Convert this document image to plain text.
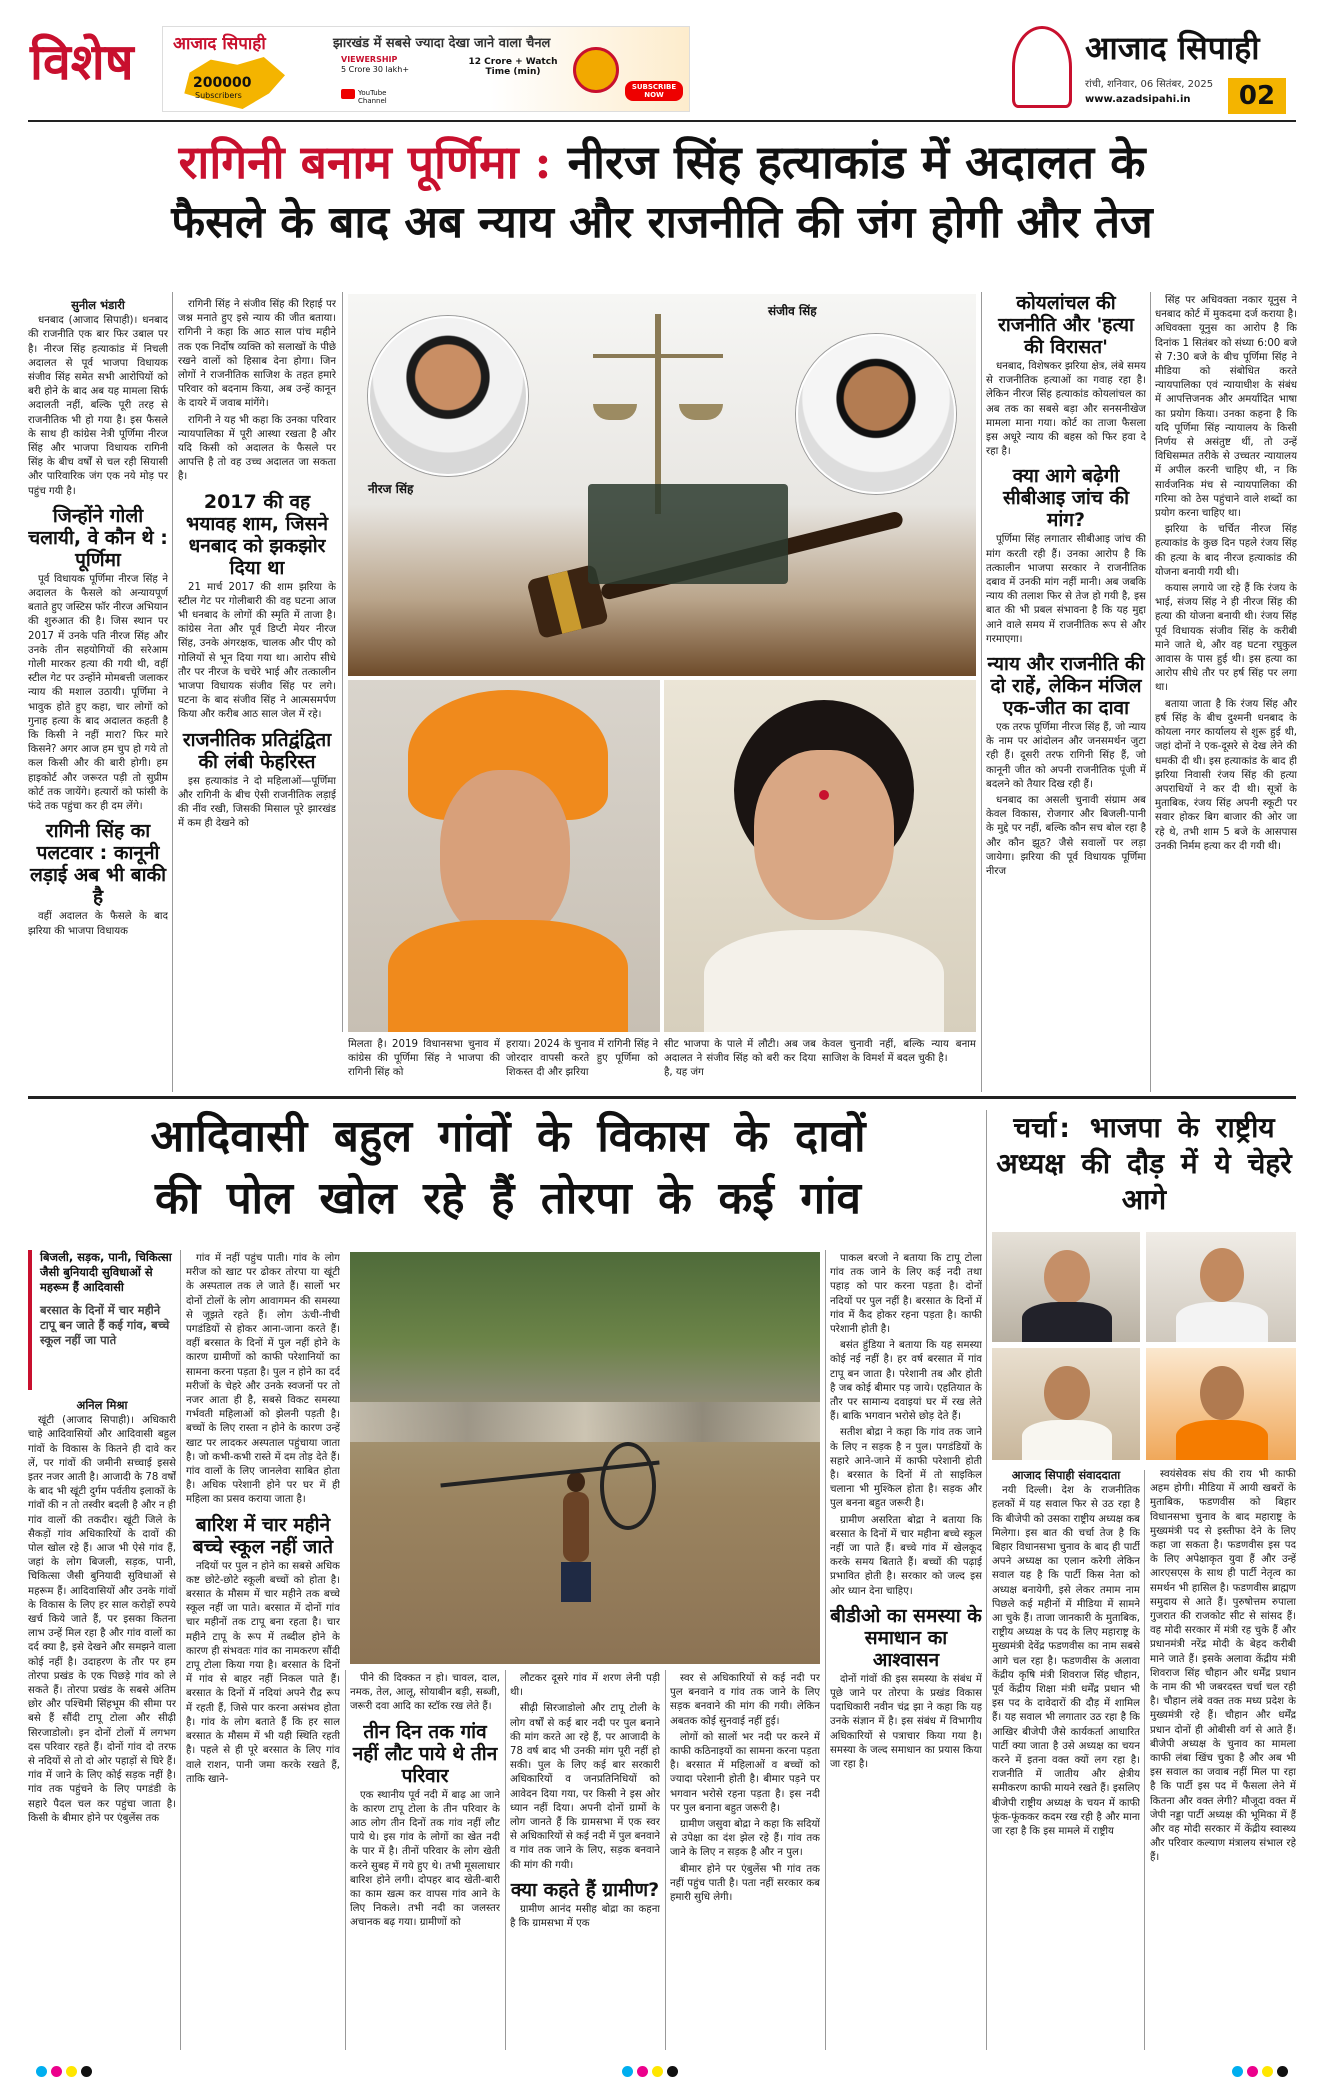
विशेष आजाद सिपाही	झारखंड में सबसे ज्यादा देखा जाने वाला चैनल
200000
Subscribers
VIEWERSHIP
5 Crore 30 lakh+
12 Crore + Watch Time (min)
YouTube Channel
SUBSCRIBE NOW
आजाद सिपाही
रांची, शनिवार, 06 सितंबर, 2025
www.azadsipahi.in	02
रागिनी बनाम पूर्णिमा : नीरज सिंह हत्याकांड में अदालत के
फैसले के बाद अब न्याय और राजनीति की जंग होगी और तेज

सुनील भंडारी

धनबाद (आजाद सिपाही)। धनबाद की राजनीति एक बार फिर उबाल पर है। नीरज सिंह हत्याकांड में निचली अदालत से पूर्व भाजपा विधायक संजीव सिंह समेत सभी आरोपियों को बरी होने के बाद अब यह मामला सिर्फ अदालती नहीं, बल्कि पूरी तरह से राजनीतिक भी हो गया है। इस फैसले के साथ ही कांग्रेस नेत्री पूर्णिमा नीरज सिंह और भाजपा विधायक रागिनी सिंह के बीच वर्षों से चल रही सियासी और पारिवारिक जंग एक नये मोड़ पर पहुंच गयी है।

जिन्होंने गोली चलायी, वे कौन थे : पूर्णिमा

पूर्व विधायक पूर्णिमा नीरज सिंह ने अदालत के फैसले को अन्यायपूर्ण बताते हुए जस्टिस फॉर नीरज अभियान की शुरुआत की है। जिस स्थान पर 2017 में उनके पति नीरज सिंह और उनके तीन सहयोगियों की सरेआम गोली मारकर हत्या की गयी थी, वहीं स्टील गेट पर उन्होंने मोमबत्ती जलाकर न्याय की मशाल उठायी। पूर्णिमा ने भावुक होते हुए कहा, चार लोगों को गुनाह हत्या के बाद अदालत कहती है कि किसी ने नहीं मारा? फिर मारे किसने? अगर आज हम चुप हो गये तो कल किसी और की बारी होगी। हम हाइकोर्ट और जरूरत पड़ी तो सुप्रीम कोर्ट तक जायेंगे। हत्यारों को फांसी के फंदे तक पहुंचा कर ही दम लेंगे।

रागिनी सिंह का पलटवार : कानूनी लड़ाई अब भी बाकी है

वहीं अदालत के फैसले के बाद झरिया की भाजपा विधायक

रागिनी सिंह ने संजीव सिंह की रिहाई पर जश्न मनाते हुए इसे न्याय की जीत बताया। रागिनी ने कहा कि आठ साल पांच महीने तक एक निर्दोष व्यक्ति को सलाखों के पीछे रखने वालों को हिसाब देना होगा। जिन लोगों ने राजनीतिक साजिश के तहत हमारे परिवार को बदनाम किया, अब उन्हें कानून के दायरे में जवाब मांगेंगे।

रागिनी ने यह भी कहा कि उनका परिवार न्यायपालिका में पूरी आस्था रखता है और यदि किसी को अदालत के फैसले पर आपत्ति है तो वह उच्च अदालत जा सकता है।

2017 की वह भयावह शाम, जिसने धनबाद को झकझोर दिया था

21 मार्च 2017 की शाम झरिया के स्टील गेट पर गोलीबारी की वह घटना आज भी धनबाद के लोगों की स्मृति में ताजा है। कांग्रेस नेता और पूर्व डिप्टी मेयर नीरज सिंह, उनके अंगरक्षक, चालक और पीए को गोलियों से भून दिया गया था। आरोप सीधे तौर पर नीरज के चचेरे भाई और तत्कालीन भाजपा विधायक संजीव सिंह पर लगे। घटना के बाद संजीव सिंह ने आत्मसमर्पण किया और करीब आठ साल जेल में रहे।

राजनीतिक प्रतिद्वंद्विता की लंबी फेहरिस्त

इस हत्याकांड ने दो महिलाओं—पूर्णिमा और रागिनी के बीच ऐसी राजनीतिक लड़ाई की नींव रखी, जिसकी मिसाल पूरे झारखंड में कम ही देखने को

नीरज सिंह
संजीव सिंह

मिलता है। 2019 विधानसभा चुनाव में कांग्रेस की पूर्णिमा सिंह ने भाजपा की रागिनी सिंह को

हराया। 2024 के चुनाव में रागिनी सिंह ने जोरदार वापसी करते हुए पूर्णिमा को शिकस्त दी और झरिया

सीट भाजपा के पाले में लौटी। अब जब अदालत ने संजीव सिंह को बरी कर दिया है, यह जंग

केवल चुनावी नहीं, बल्कि न्याय बनाम साजिश के विमर्श में बदल चुकी है।

कोयलांचल की राजनीति और 'हत्या की विरासत'

धनबाद, विशेषकर झरिया क्षेत्र, लंबे समय से राजनीतिक हत्याओं का गवाह रहा है। लेकिन नीरज सिंह हत्याकांड कोयलांचल का अब तक का सबसे बड़ा और सनसनीखेज मामला माना गया। कोर्ट का ताजा फैसला इस अधूरे न्याय की बहस को फिर हवा दे रहा है।

क्या आगे बढ़ेगी सीबीआइ जांच की मांग?

पूर्णिमा सिंह लगातार सीबीआइ जांच की मांग करती रही हैं। उनका आरोप है कि तत्कालीन भाजपा सरकार ने राजनीतिक दबाव में उनकी मांग नहीं मानी। अब जबकि न्याय की तलाश फिर से तेज हो गयी है, इस बात की भी प्रबल संभावना है कि यह मुद्दा आने वाले समय में राजनीतिक रूप से और गरमाएगा।

न्याय और राजनीति की दो राहें, लेकिन मंजिल एक-जीत का दावा

एक तरफ पूर्णिमा नीरज सिंह हैं, जो न्याय के नाम पर आंदोलन और जनसमर्थन जुटा रही हैं। दूसरी तरफ रागिनी सिंह हैं, जो कानूनी जीत को अपनी राजनीतिक पूंजी में बदलने को तैयार दिख रही हैं।

धनबाद का असली चुनावी संग्राम अब केवल विकास, रोजगार और बिजली-पानी के मुद्दे पर नहीं, बल्कि कौन सच बोल रहा है और कौन झूठ? जैसे सवालों पर लड़ा जायेगा। झरिया की पूर्व विधायक पूर्णिमा नीरज

सिंह पर अधिवक्ता नकार यूनुस ने धनबाद कोर्ट में मुकदमा दर्ज कराया है। अधिवक्ता यूनुस का आरोप है कि दिनांक 1 सितंबर को संध्या 6:00 बजे से 7:30 बजे के बीच पूर्णिमा सिंह ने मीडिया को संबोधित करते न्यायपालिका एवं न्यायाधीश के संबंध में आपत्तिजनक और अमर्यादित भाषा का प्रयोग किया। उनका कहना है कि यदि पूर्णिमा सिंह न्यायालय के किसी निर्णय से असंतुष्ट थीं, तो उन्हें विधिसम्मत तरीके से उच्चतर न्यायालय में अपील करनी चाहिए थी, न कि सार्वजनिक मंच से न्यायपालिका की गरिमा को ठेस पहुंचाने वाले शब्दों का प्रयोग करना चाहिए था।

झरिया के चर्चित नीरज सिंह हत्याकांड के कुछ दिन पहले रंजय सिंह की हत्या के बाद नीरज हत्याकांड की योजना बनायी गयी थी।

कयास लगाये जा रहे हैं कि रंजय के भाई, संजय सिंह ने ही नीरज सिंह की हत्या की योजना बनायी थी। रंजय सिंह पूर्व विधायक संजीव सिंह के करीबी माने जाते थे, और वह घटना रघुकुल आवास के पास हुई थी। इस हत्या का आरोप सीधे तौर पर हर्ष सिंह पर लगा था।

बताया जाता है कि रंजय सिंह और हर्ष सिंह के बीच दुश्मनी धनबाद के कोयला नगर कार्यालय से शुरू हुई थी, जहां दोनों ने एक-दूसरे से देख लेने की धमकी दी थी। इस हत्याकांड के बाद ही झरिया निवासी रंजय सिंह की हत्या अपराधियों ने कर दी थी। सूत्रों के मुताबिक, रंजय सिंह अपनी स्कूटी पर सवार होकर बिग बाजार की ओर जा रहे थे, तभी शाम 5 बजे के आसपास उनकी निर्मम हत्या कर दी गयी थी।

आदिवासी बहुल गांवों के विकास के दावों
की पोल खोल रहे हैं तोरपा के कई गांव
बिजली, सड़क, पानी, चिकित्सा जैसी बुनियादी सुविधाओं से महरूम हैं आदिवासी
बरसात के दिनों में चार महीने टापू बन जाते हैं कई गांव, बच्चे स्कूल नहीं जा पाते

अनिल मिश्रा

खूंटी (आजाद सिपाही)। अधिकारी चाहे आदिवासियों और आदिवासी बहुल गांवों के विकास के कितने ही दावे कर लें, पर गांवों की जमीनी सच्चाई इससे इतर नजर आती है। आजादी के 78 वर्षों के बाद भी खूंटी दुर्गम पर्वतीय इलाकों के गांवों की न तो तस्वीर बदली है और न ही गांव वालों की तकदीर। खूंटी जिले के सैकड़ों गांव अधिकारियों के दावों की पोल खोल रहे हैं। आज भी ऐसे गांव हैं, जहां के लोग बिजली, सड़क, पानी, चिकित्सा जैसी बुनियादी सुविधाओं से महरूम हैं। आदिवासियों और उनके गांवों के विकास के लिए हर साल करोड़ों रुपये खर्च किये जाते हैं, पर इसका कितना लाभ उन्हें मिल रहा है और गांव वालों का दर्द क्या है, इसे देखने और समझने वाला कोई नहीं है। उदाहरण के तौर पर हम तोरपा प्रखंड के एक पिछड़े गांव को ले सकते हैं। तोरपा प्रखंड के सबसे अंतिम छोर और पश्चिमी सिंहभूम की सीमा पर बसे हैं सौंदी टापू टोला और सीढ़ी सिरजाडोलो। इन दोनों टोलों में लगभग दस परिवार रहते हैं। दोनों गांव दो तरफ से नदियों से तो दो ओर पहाड़ों से घिरे हैं। गांव में जाने के लिए कोई सड़क नहीं है। गांव तक पहुंचने के लिए पगडंडी के सहारे पैदल चल कर पहुंचा जाता है। किसी के बीमार होने पर एंबुलेंस तक

गांव में नहीं पहुंच पाती। गांव के लोग मरीज को खाट पर ढोकर तोरपा या खूंटी के अस्पताल तक ले जाते हैं। सालों भर दोनों टोलों के लोग आवागमन की समस्या से जूझते रहते हैं। लोग ऊंची-नीची पगडंडियों से होकर आना-जाना करते हैं। वहीं बरसात के दिनों में पुल नहीं होने के कारण ग्रामीणों को काफी परेशानियों का सामना करना पड़ता है। पुल न होने का दर्द मरीजों के चेहरे और उनके स्वजनों पर तो नजर आता ही है, सबसे विकट समस्या गर्भवती महिलाओं को झेलनी पड़ती है। बच्चों के लिए रास्ता न होने के कारण उन्हें खाट पर लादकर अस्पताल पहुंचाया जाता है। जो कभी-कभी रास्ते में दम तोड़ देते हैं। गांव वालों के लिए जानलेवा साबित होता है। अधिक परेशानी होने पर घर में ही महिला का प्रसव कराया जाता है।

बारिश में चार महीने बच्चे स्कूल नहीं जाते

नदियों पर पुल न होने का सबसे अधिक कष्ट छोटे-छोटे स्कूली बच्चों को होता है। बरसात के मौसम में चार महीने तक बच्चे स्कूल नहीं जा पाते। बरसात में दोनों गांव चार महीनों तक टापू बना रहता है। चार महीने टापू के रूप में तब्दील होने के कारण ही संभवतः गांव का नामकरण सौंदी टापू टोला किया गया है। बरसात के दिनों में गांव से बाहर नहीं निकल पाते हैं। बरसात के दिनों में नदियां अपने रौद्र रूप में रहती हैं, जिसे पार करना असंभव होता है। गांव के लोग बताते हैं कि हर साल बरसात के मौसम में भी यही स्थिति रहती है। पहले से ही पूरे बरसात के लिए गांव वाले राशन, पानी जमा करके रखते हैं, ताकि खाने-

पीने की दिक्कत न हो। चावल, दाल, नमक, तेल, आलू, सोयाबीन बड़ी, सब्जी, जरूरी दवा आदि का स्टॉक रख लेते हैं।

तीन दिन तक गांव नहीं लौट पाये थे तीन परिवार

एक स्थानीय पूर्व नदी में बाढ़ आ जाने के कारण टापू टोला के तीन परिवार के आठ लोग तीन दिनों तक गांव नहीं लौट पाये थे। इस गांव के लोगों का खेत नदी के पार में है। तीनों परिवार के लोग खेती करने सुबह में गये हुए थे। तभी मूसलाधार बारिश होने लगी। दोपहर बाद खेती-बारी का काम खत्म कर वापस गांव आने के लिए निकले। तभी नदी का जलस्तर अचानक बढ़ गया। ग्रामीणों को

लौटकर दूसरे गांव में शरण लेनी पड़ी थी।

सीढ़ी सिरजाडोलो और टापू टोली के लोग वर्षों से कई बार नदी पर पुल बनाने की मांग करते आ रहे हैं, पर आजादी के 78 वर्ष बाद भी उनकी मांग पूरी नहीं हो सकी। पुल के लिए कई बार सरकारी अधिकारियों व जनप्रतिनिधियों को आवेदन दिया गया, पर किसी ने इस ओर ध्यान नहीं दिया। अपनी दोनों ग्रामों के लोग जानते हैं कि ग्रामसभा में एक स्वर से अधिकारियों से कई नदी में पुल बनवाने व गांव तक जाने के लिए, सड़क बनवाने की मांग की गयी।

क्या कहते हैं ग्रामीण?

ग्रामीण आनंद मसीह बोद्रा का कहना है कि ग्रामसभा में एक

स्वर से अधिकारियों से कई नदी पर पुल बनवाने व गांव तक जाने के लिए सड़क बनवाने की मांग की गयी। लेकिन अबतक कोई सुनवाई नहीं हुई।

लोगों को सालों भर नदी पर करने में काफी कठिनाइयों का सामना करना पड़ता है। बरसात में महिलाओं व बच्चों को ज्यादा परेशानी होती है। बीमार पड़ने पर भगवान भरोसे रहना पड़ता है। इस नदी पर पुल बनाना बहुत जरूरी है।

ग्रामीण जसुवा बोद्रा ने कहा कि सदियों से उपेक्षा का दंश झेल रहे हैं। गांव तक जाने के लिए न सड़क है और न पुल।

बीमार होने पर एंबुलेंस भी गांव तक नहीं पहुंच पाती है। पता नहीं सरकार कब हमारी सुधि लेगी।

पाकल बरजो ने बताया कि टापू टोला गांव तक जाने के लिए कई नदी तथा पहाड़ को पार करना पड़ता है। दोनों नदियों पर पुल नहीं है। बरसात के दिनों में गांव में कैद होकर रहना पड़ता है। काफी परेशानी होती है।

बसंत हुंडिया ने बताया कि यह समस्या कोई नई नहीं है। हर वर्ष बरसात में गांव टापू बन जाता है। परेशानी तब और होती है जब कोई बीमार पड़ जाये। एहतियात के तौर पर सामान्य दवाइयां घर में रख लेते हैं। बाकि भगवान भरोसे छोड़ देते हैं।

सतीश बोद्रा ने कहा कि गांव तक जाने के लिए न सड़क है न पुल। पगडंडियों के सहारे आने-जाने में काफी परेशानी होती है। बरसात के दिनों में तो साइकिल चलाना भी मुश्किल होता है। सड़क और पुल बनना बहुत जरूरी है।

ग्रामीण असरिता बोद्रा ने बताया कि बरसात के दिनों में चार महीना बच्चे स्कूल नहीं जा पाते हैं। बच्चे गांव में खेलकूद करके समय बिताते हैं। बच्चों की पढ़ाई प्रभावित होती है। सरकार को जल्द इस ओर ध्यान देना चाहिए।

बीडीओ का समस्या के समाधान का आश्वासन

दोनों गांवों की इस समस्या के संबंध में पूछे जाने पर तोरपा के प्रखंड विकास पदाधिकारी नवीन चंद्र झा ने कहा कि यह उनके संज्ञान में है। इस संबंध में विभागीय अधिकारियों से पत्राचार किया गया है। समस्या के जल्द समाधान का प्रयास किया जा रहा है।

चर्चा: भाजपा के राष्ट्रीय अध्यक्ष की दौड़ में ये चेहरे आगे

आजाद सिपाही संवाददाता

नयी दिल्ली। देश के राजनीतिक हलकों में यह सवाल फिर से उठ रहा है कि बीजेपी को उसका राष्ट्रीय अध्यक्ष कब मिलेगा। इस बात की चर्चा तेज है कि बिहार विधानसभा चुनाव के बाद ही पार्टी अपने अध्यक्ष का एलान करेगी लेकिन सवाल यह है कि पार्टी किस नेता को अध्यक्ष बनायेगी, इसे लेकर तमाम नाम पिछले कई महीनों में मीडिया में सामने आ चुके हैं। ताजा जानकारी के मुताबिक, राष्ट्रीय अध्यक्ष के पद के लिए महाराष्ट्र के मुख्यमंत्री देवेंद्र फडणवीस का नाम सबसे आगे चल रहा है। फडणवीस के अलावा केंद्रीय कृषि मंत्री शिवराज सिंह चौहान, पूर्व केंद्रीय शिक्षा मंत्री धर्मेंद्र प्रधान भी इस पद के दावेदारों की दौड़ में शामिल हैं। यह सवाल भी लगातार उठ रहा है कि आखिर बीजेपी जैसे कार्यकर्ता आधारित पार्टी क्या जाता है उसे अध्यक्ष का चयन करने में इतना वक्त क्यों लग रहा है। राजनीति में जातीय और क्षेत्रीय समीकरण काफी मायने रखते हैं। इसलिए बीजेपी राष्ट्रीय अध्यक्ष के चयन में काफी फूंक-फूंककर कदम रख रही है और माना जा रहा है कि इस मामले में राष्ट्रीय

स्वयंसेवक संघ की राय भी काफी अहम होगी। मीडिया में आयी खबरों के मुताबिक, फडणवीस को बिहार विधानसभा चुनाव के बाद महाराष्ट्र के मुख्यमंत्री पद से इस्तीफा देने के लिए कहा जा सकता है। फडणवीस इस पद के लिए अपेक्षाकृत युवा हैं और उन्हें आरएसएस के साथ ही पार्टी नेतृत्व का समर्थन भी हासिल है। फडणवीस ब्राह्मण समुदाय से आते हैं। पुरुषोत्तम रुपाला गुजरात की राजकोट सीट से सांसद हैं। वह मोदी सरकार में मंत्री रह चुके हैं और प्रधानमंत्री नरेंद्र मोदी के बेहद करीबी माने जाते हैं। इसके अलावा केंद्रीय मंत्री शिवराज सिंह चौहान और धर्मेंद्र प्रधान के नाम की भी जबरदस्त चर्चा चल रही है। चौहान लंबे वक्त तक मध्य प्रदेश के मुख्यमंत्री रहे हैं। चौहान और धर्मेंद्र प्रधान दोनों ही ओबीसी वर्ग से आते हैं। बीजेपी अध्यक्ष के चुनाव का मामला काफी लंबा खिंच चुका है और अब भी इस सवाल का जवाब नहीं मिल पा रहा है कि पार्टी इस पद में फैसला लेने में कितना और वक्त लेगी? मौजूदा वक्त में जेपी नड्डा पार्टी अध्यक्ष की भूमिका में हैं और वह मोदी सरकार में केंद्रीय स्वास्थ्य और परिवार कल्याण मंत्रालय संभाल रहे हैं।
